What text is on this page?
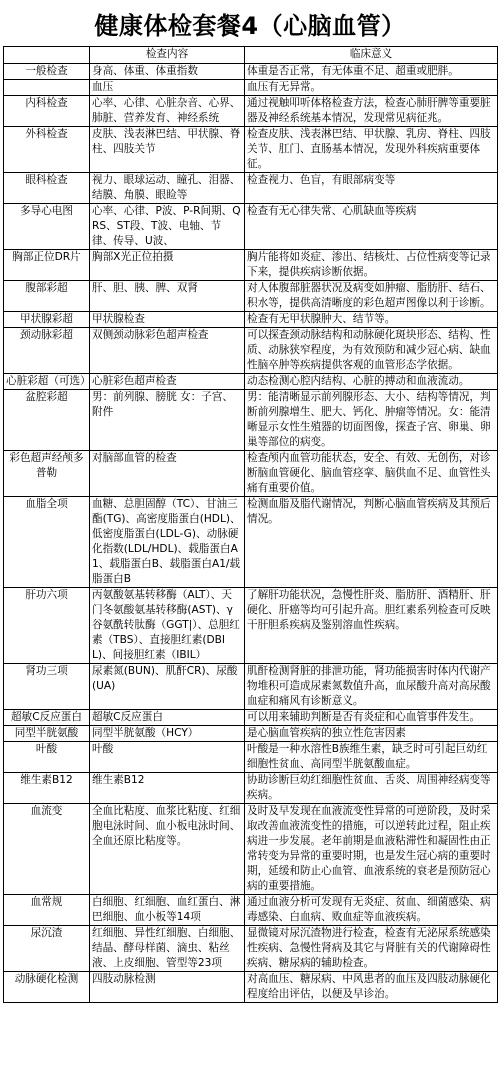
健康体检套餐4（心脑血管）
	检查内容	临床意义
一般检查	身高、体重、体重指数	体重是否正常，有无体重不足、超重或肥胖。
	血压	血压有无异常。
内科检查	心率、心律、心脏杂音、心界、肺脏、营养发育、神经系统	通过视触叩听体格检查方法，检查心肺肝脾等重要脏器及神经系统基本情况，发现常见病征兆。
外科检查	皮肤、浅表淋巴结、甲状腺、脊柱、四肢关节	检查皮肤、浅表淋巴结、甲状腺、乳房、脊柱、四肢关节、肛门、直肠基本情况，发现外科疾病重要体征。
眼科检查	视力、眼球运动、瞳孔、泪器、结膜、角膜、眼睑等	检查视力、色盲，有眼部病变等
多导心电图	心率、心律、P波、P-R间期、QRS、ST段、T波、电轴、节律、传导、U波、	检查有无心律失常、心肌缺血等疾病
胸部正位DR片	胸部X光正位拍摄	胸片能将如炎症、渗出、结核灶、占位性病变等记录下来，提供疾病诊断依据。
腹部彩超	肝、胆、胰、脾、双肾	对人体腹部脏器状况及病变如肿瘤、脂肪肝、结石、积水等，提供高清晰度的彩色超声图像以利于诊断。
甲状腺彩超	甲状腺检查	检查有无甲状腺肿大、结节等。
颈动脉彩超	双侧颈动脉彩色超声检查	可以探查颈动脉结构和动脉硬化斑块形态、结构、性质、动脉狭窄程度，为有效预防和减少冠心病、缺血性脑卒肿等疾病提供客观的血管形态学依据。
心脏彩超（可选）	心脏彩色超声检查	动态检测心腔内结构、心脏的搏动和血液流动。
盆腔彩超	男：前列腺、膀胱 女：子宫、附件	男：能清晰显示前列腺形态、大小、结构等情况，判断前列腺增生、肥大、钙化、肿瘤等情况。女：能清晰显示女性生殖器的切面图像，探查子宫、卵巢、卵巢等部位的病变。
彩色超声经颅多普勒	对脑部血管的检查	检查颅内血管功能状态，安全、有效、无创伤，对诊断脑血管硬化、脑血管痉挛、脑供血不足、血管性头痛有重要价值。
血脂全项	血糖、总胆固醇（TC）、甘油三酯(TG)、高密度脂蛋白(HDL)、低密度脂蛋白(LDL-G)、动脉硬化指数(LDL/HDL)、载脂蛋白A1、载脂蛋白B、载脂蛋白A1/载脂蛋白B	检测血脂及脂代谢情况，判断心脑血管疾病及其预后情况。
肝功六项	丙氨酸氨基转移酶（ALT）、天门冬氨酸氨基转移酶(AST)、γ谷氨酰转肽酶（GGT|）、总胆红素（TBS）、直接胆红素(DBIL)、间接胆红素（IBIL）	了解肝功能状况，急慢性肝炎、脂肪肝、酒精肝、肝硬化、肝癌等均可引起升高。胆红素系列检查可反映干肝胆系疾病及鉴别溶血性疾病。
肾功三项	尿素氮(BUN)、肌酐CR)、尿酸(UA)	肌酐检测肾脏的排泄功能，肾功能损害时体内代谢产物堆积可造成尿素氮数值升高，血尿酸升高对高尿酸血症和痛风有诊断意义。
超敏C反应蛋白	超敏C反应蛋白	可以用来辅助判断是否有炎症和心血管事件发生。
同型半胱氨酸	同型半胱氨酸（HCY）	是心脑血管疾病的独立性危害因素
叶酸	叶酸	叶酸是一种水溶性B族维生素，缺乏时可引起巨幼红细胞性贫血、高同型半胱氨酸血症。
维生素B12	维生素B12	协助诊断巨幼红细胞性贫血、舌炎、周围神经病变等疾病。
血流变	全血比粘度、血浆比粘度、红细胞电泳时间、血小板电泳时间、全血还原比粘度等。	及时及早发现在血液流变性异常的可逆阶段，及时采取改善血液流变性的措施，可以逆转此过程，阻止疾病进一步发展。老年前期是血液粘滞性和凝固性由正常转变为异常的重要时期，也是发生冠心病的重要时期，延缓和防止心血管、血液系统的衰老是预防冠心病的重要措施。
血常规	白细胞、红细胞、血红蛋白、淋巴细胞、血小板等14项	通过血液分析可发现有无炎症、贫血、细菌感染、病毒感染、白血病、败血症等血液疾病。
尿沉渣	红细胞、异性红细胞、白细胞、结晶、酵母样菌、滴虫、粘丝液、上皮细胞、管型等23项	显微镜对尿沉渣物进行检查，检查有无泌尿系统感染性疾病、急慢性肾病及其它与肾脏有关的代谢障碍性疾病、糖尿病的辅助检查。
动脉硬化检测	四肢动脉检测	对高血压、糖尿病、中风患者的血压及四肢动脉硬化程度给出评估，以便及早诊治。
